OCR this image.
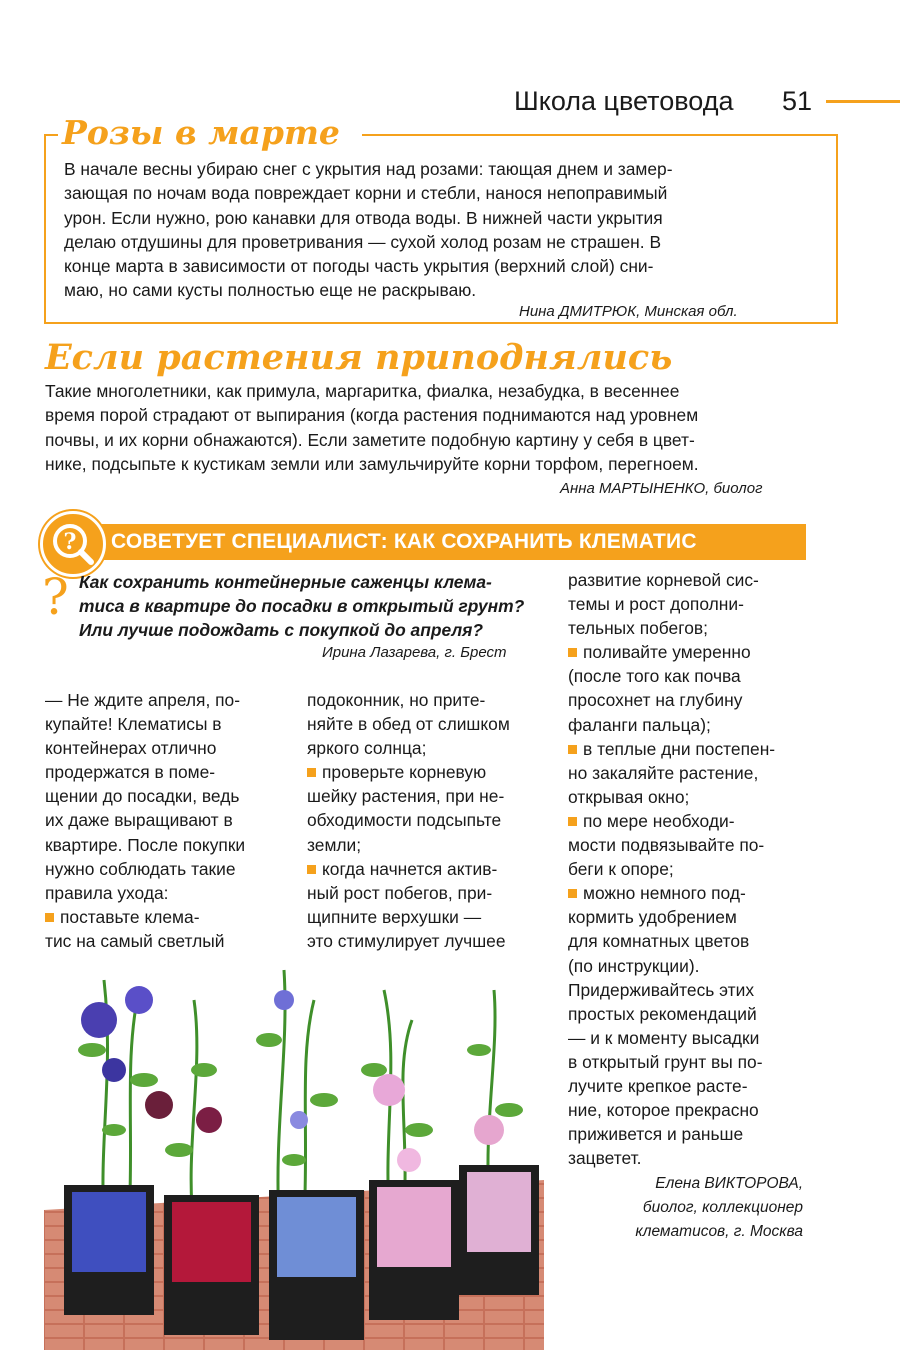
Школа цветовода 51
Розы в марте
В начале весны убираю снег с укрытия над розами: тающая днем и замер-
зающая по ночам вода повреждает корни и стебли, нанося непоправимый
урон. Если нужно, рою канавки для отвода воды. В нижней части укрытия
делаю отдушины для проветривания — сухой холод розам не страшен. В
конце марта в зависимости от погоды часть укрытия (верхний слой) сни-
маю, но сами кусты полностью еще не раскрываю.
Нина ДМИТРЮК, Минская обл.
Если растения приподнялись
Такие многолетники, как примула, маргаритка, фиалка, незабудка, в весеннее
время порой страдают от выпирания (когда растения поднимаются над уровнем
почвы, и их корни обнажаются). Если заметите подобную картину у себя в цвет-
нике, подсыпьте к кустикам земли или замульчируйте корни торфом, перегноем.
Анна МАРТЫНЕНКО, биолог
? СОВЕТУЕТ СПЕЦИАЛИСТ: КАК СОХРАНИТЬ КЛЕМАТИС
? Как сохранить контейнерные саженцы клема-
тиса в квартире до посадки в открытый грунт?
Или лучше подождать с покупкой до апреля?
Ирина Лазарева, г. Брест
— Не ждите апреля, по-
купайте! Клематисы в
контейнерах отлично
продержатся в поме-
щении до посадки, ведь
их даже выращивают в
квартире. После покупки
нужно соблюдать такие
правила ухода:
поставьте клема-
тис на самый светлый
подоконник, но прите-
няйте в обед от слишком
яркого солнца;
проверьте корневую
шейку растения, при не-
обходимости подсыпьте
земли;
когда начнется актив-
ный рост побегов, при-
щипните верхушки —
это стимулирует лучшее
развитие корневой сис-
темы и рост дополни-
тельных побегов;
поливайте умеренно
(после того как почва
просохнет на глубину
фаланги пальца);
в теплые дни постепен-
но закаляйте растение,
открывая окно;
по мере необходи-
мости подвязывайте по-
беги к опоре;
можно немного под-
кормить удобрением
для комнатных цветов
(по инструкции).
Придерживайтесь этих
простых рекомендаций
— и к моменту высадки
в открытый грунт вы по-
лучите крепкое расте-
ние, которое прекрасно
приживется и раньше
зацветет.
Елена ВИКТОРОВА,
биолог, коллекционер
клематисов, г. Москва
